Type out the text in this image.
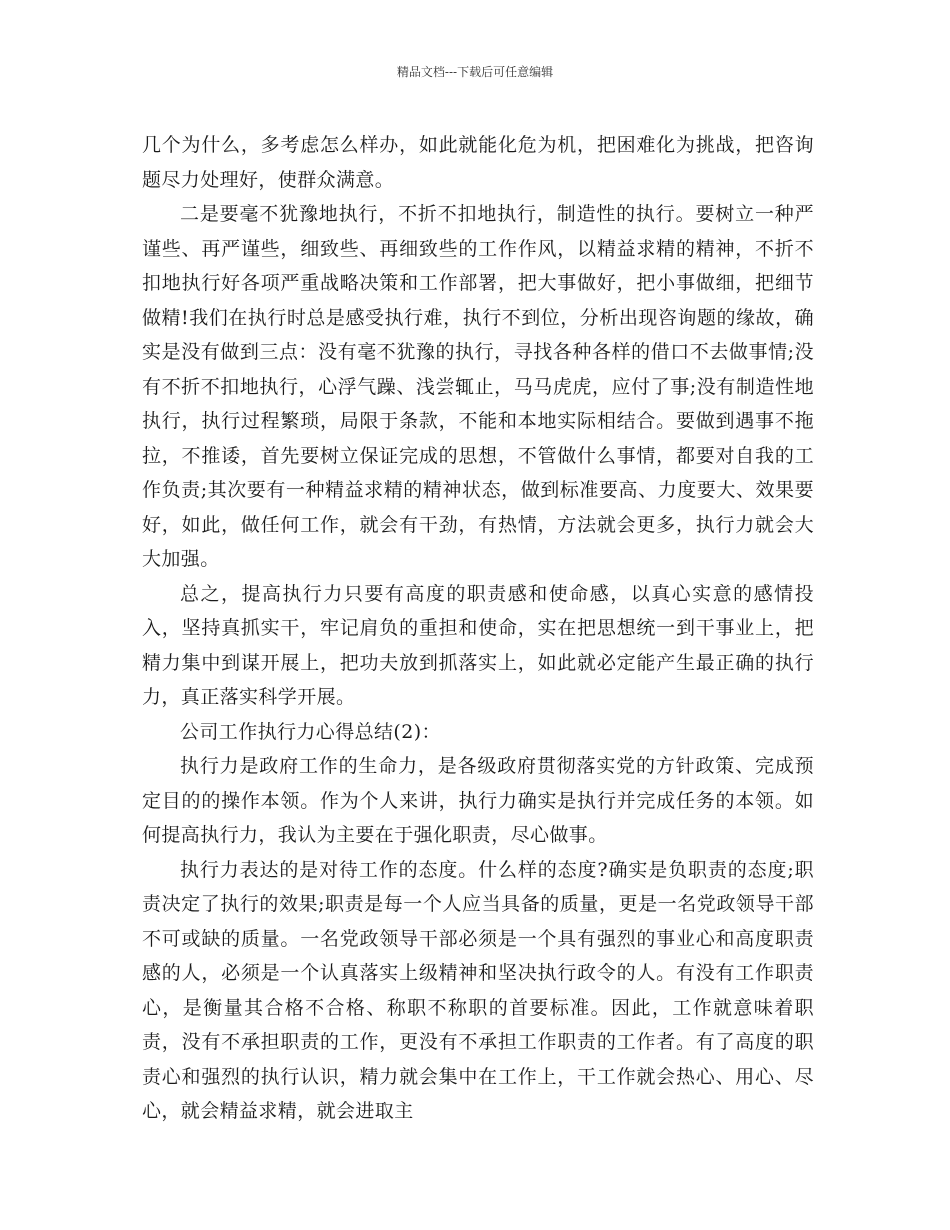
精品文档---下载后可任意编辑

几个为什么，多考虑怎么样办，如此就能化危为机，把困难化为挑战，把咨询题尽力处理好，使群众满意。

二是要毫不犹豫地执行，不折不扣地执行，制造性的执行。要树立一种严谨些、再严谨些，细致些、再细致些的工作作风，以精益求精的精神，不折不扣地执行好各项严重战略决策和工作部署，把大事做好，把小事做细，把细节做精!我们在执行时总是感受执行难，执行不到位，分析出现咨询题的缘故，确实是没有做到三点：没有毫不犹豫的执行，寻找各种各样的借口不去做事情;没有不折不扣地执行，心浮气躁、浅尝辄止，马马虎虎，应付了事;没有制造性地执行，执行过程繁琐，局限于条款，不能和本地实际相结合。要做到遇事不拖拉，不推诿，首先要树立保证完成的思想，不管做什么事情，都要对自我的工作负责;其次要有一种精益求精的精神状态，做到标准要高、力度要大、效果要好，如此，做任何工作，就会有干劲，有热情，方法就会更多，执行力就会大大加强。

总之，提高执行力只要有高度的职责感和使命感，以真心实意的感情投入，坚持真抓实干，牢记肩负的重担和使命，实在把思想统一到干事业上，把精力集中到谋开展上，把功夫放到抓落实上，如此就必定能产生最正确的执行力，真正落实科学开展。

公司工作执行力心得总结(2)：

执行力是政府工作的生命力，是各级政府贯彻落实党的方针政策、完成预定目的的操作本领。作为个人来讲，执行力确实是执行并完成任务的本领。如何提高执行力，我认为主要在于强化职责，尽心做事。

执行力表达的是对待工作的态度。什么样的态度?确实是负职责的态度;职责决定了执行的效果;职责是每一个人应当具备的质量，更是一名党政领导干部不可或缺的质量。一名党政领导干部必须是一个具有强烈的事业心和高度职责感的人，必须是一个认真落实上级精神和坚决执行政令的人。有没有工作职责心，是衡量其合格不合格、称职不称职的首要标准。因此，工作就意味着职责，没有不承担职责的工作，更没有不承担工作职责的工作者。有了高度的职责心和强烈的执行认识，精力就会集中在工作上，干工作就会热心、用心、尽心，就会精益求精，就会进取主
